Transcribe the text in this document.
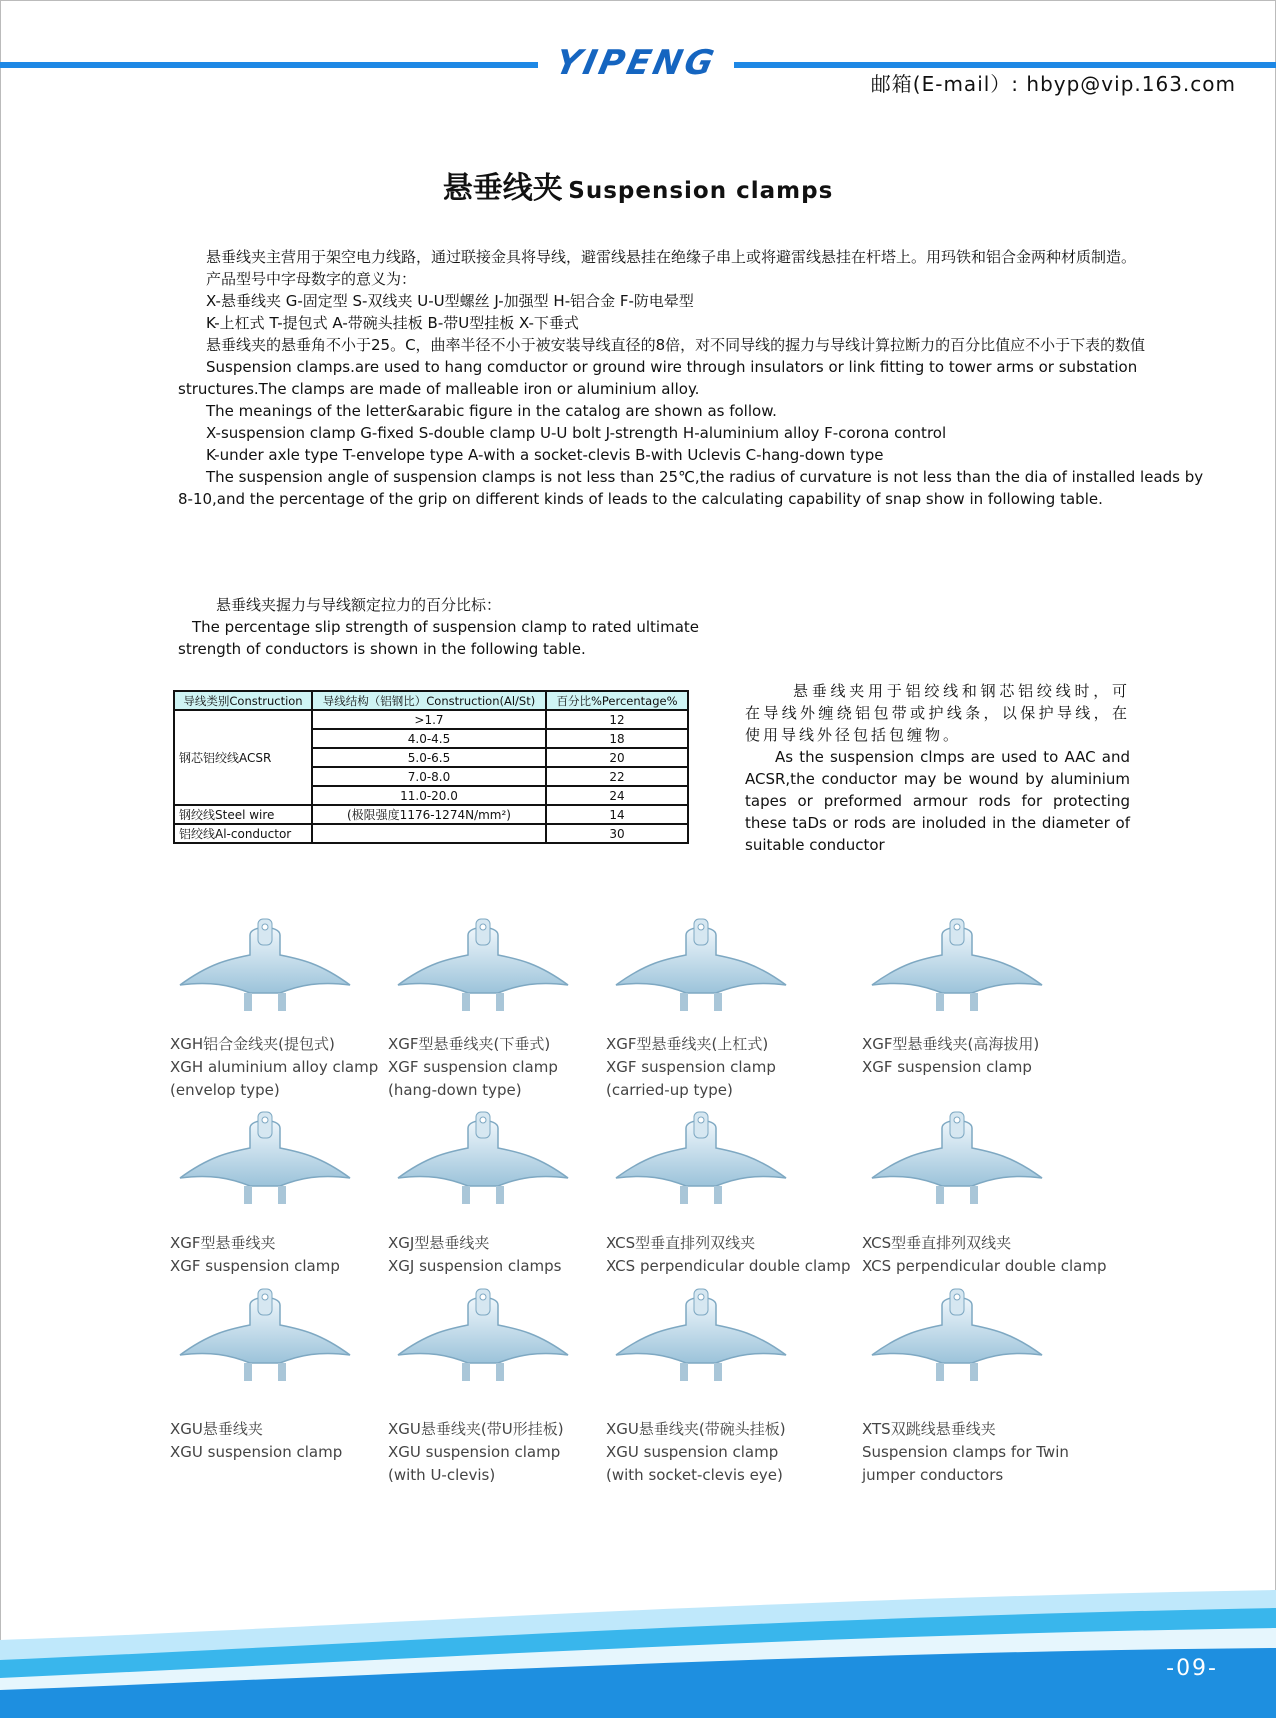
YIPENG
邮箱(E-mail）: hbyp@vip.163.com
悬垂线夹 Suspension clamps

悬垂线夹主营用于架空电力线路，通过联接金具将导线，避雷线悬挂在绝缘子串上或将避雷线悬挂在杆塔上。用玛铁和铝合金两种材质制造。

产品型号中字母数字的意义为：

X-悬垂线夹 G-固定型 S-双线夹 U-U型螺丝 J-加强型 H-铝合金 F-防电晕型

K-上杠式 T-提包式 A-带碗头挂板 B-带U型挂板 X-下垂式

悬垂线夹的悬垂角不小于25。C，曲率半径不小于被安装导线直径的8倍，对不同导线的握力与导线计算拉断力的百分比值应不小于下表的数值

Suspension clamps.are used to hang comductor or ground wire through insulators or link fitting to tower arms or substation structures.The clamps are made of malleable iron or aluminium alloy.

The meanings of the letter&arabic figure in the catalog are shown as follow.

X-suspension clamp G-fixed S-double clamp U-U bolt J-strength H-aluminium alloy F-corona control

K-under axle type T-envelope type A-with a socket-clevis B-with Uclevis C-hang-down type

The suspension angle of suspension clamps is not less than 25℃,the radius of curvature is not less than the dia of installed leads by 8-10,and the percentage of the grip on different kinds of leads to the calculating capability of snap show in following table.

悬垂线夹握力与导线额定拉力的百分比标：

The percentage slip strength of suspension clamp to rated ultimate strength of conductors is shown in the following table.

导线类别Construction	导线结构（铝钢比）Construction(Al/St)	百分比%Percentage%
钢芯铝绞线ACSR	>1.7	12
	4.0-4.5	18
	5.0-6.5	20
	7.0-8.0	22
	11.0-20.0	24
钢绞线Steel wire	(极限强度1176-1274N/mm²)	14
铝绞线Al-conductor		30

悬垂线夹用于铝绞线和钢芯铝绞线时，可在导线外缠绕铝包带或护线条，以保护导线，在使用导线外径包括包缠物。

As the suspension clmps are used to AAC and ACSR,the conductor may be wound by aluminium tapes or preformed armour rods for protecting these taDs or rods are inoluded in the diameter of suitable conductor

XGH铝合金线夹(提包式)
XGH aluminium alloy clamp
(envelop type)
XGF型悬垂线夹(下垂式)
XGF suspension clamp
(hang-down type)
XGF型悬垂线夹(上杠式)
XGF suspension clamp
(carried-up type)
XGF型悬垂线夹(高海拔用)
XGF suspension clamp
XGF型悬垂线夹
XGF suspension clamp
XGJ型悬垂线夹
XGJ suspension clamps
XCS型垂直排列双线夹
XCS perpendicular double clamp
XCS型垂直排列双线夹
XCS perpendicular double clamp
XGU悬垂线夹
XGU suspension clamp
XGU悬垂线夹(带U形挂板)
XGU suspension clamp
(with U-clevis)
XGU悬垂线夹(带碗头挂板)
XGU suspension clamp
(with socket-clevis eye)
XTS双跳线悬垂线夹
Suspension clamps for Twin
jumper conductors
-09-
